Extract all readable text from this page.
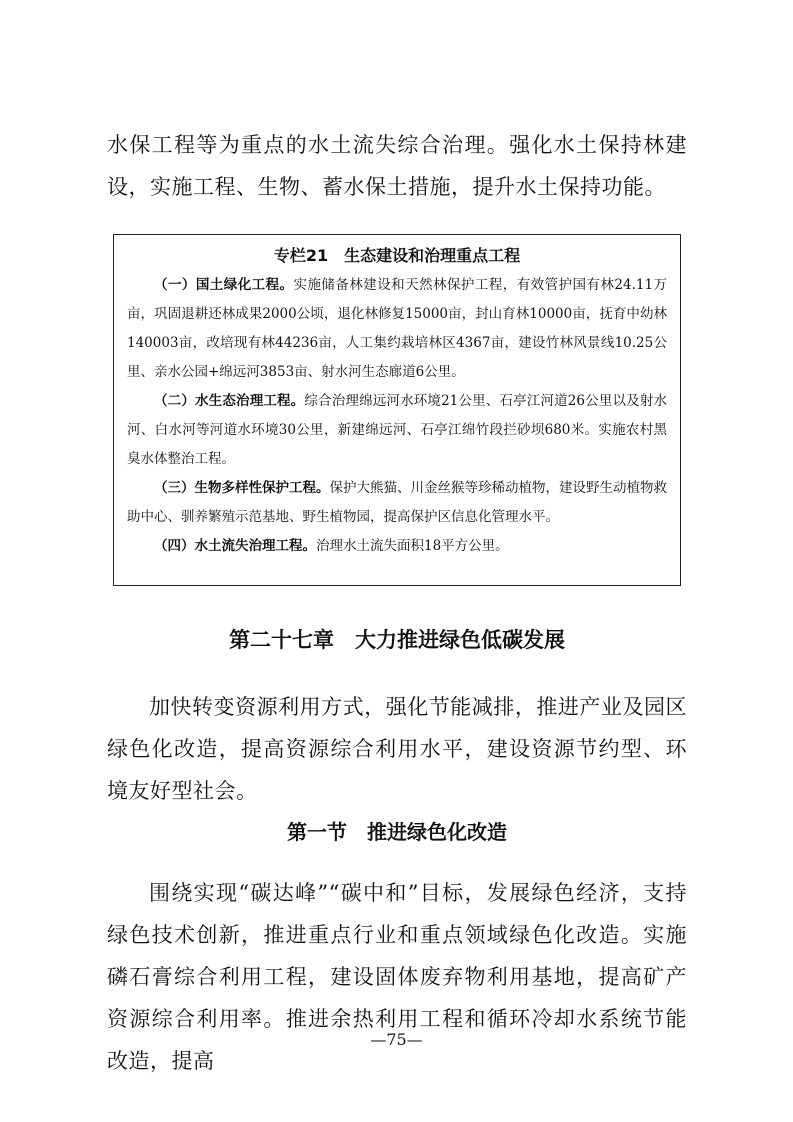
水保工程等为重点的水土流失综合治理。强化水土保持林建设，实施工程、生物、蓄水保土措施，提升水土保持功能。

专栏21　生态建设和治理重点工程

（一）国土绿化工程。实施储备林建设和天然林保护工程，有效管护国有林24.11万亩，巩固退耕还林成果2000公顷，退化林修复15000亩，封山育林10000亩，抚育中幼林140003亩，改培现有林44236亩，人工集约栽培林区4367亩，建设竹林风景线10.25公里、亲水公园+绵远河3853亩、射水河生态廊道6公里。

（二）水生态治理工程。综合治理绵远河水环境21公里、石亭江河道26公里以及射水河、白水河等河道水环境30公里，新建绵远河、石亭江绵竹段拦砂坝680米。实施农村黑臭水体整治工程。

（三）生物多样性保护工程。保护大熊猫、川金丝猴等珍稀动植物，建设野生动植物救助中心、驯养繁殖示范基地、野生植物园，提高保护区信息化管理水平。

（四）水土流失治理工程。治理水土流失面积18平方公里。

第二十七章　大力推进绿色低碳发展

加快转变资源利用方式，强化节能减排，推进产业及园区绿色化改造，提高资源综合利用水平，建设资源节约型、环境友好型社会。

第一节　推进绿色化改造

围绕实现“碳达峰”“碳中和”目标，发展绿色经济，支持绿色技术创新，推进重点行业和重点领域绿色化改造。实施磷石膏综合利用工程，建设固体废弃物利用基地，提高矿产资源综合利用率。推进余热利用工程和循环冷却水系统节能改造，提高

—75—
